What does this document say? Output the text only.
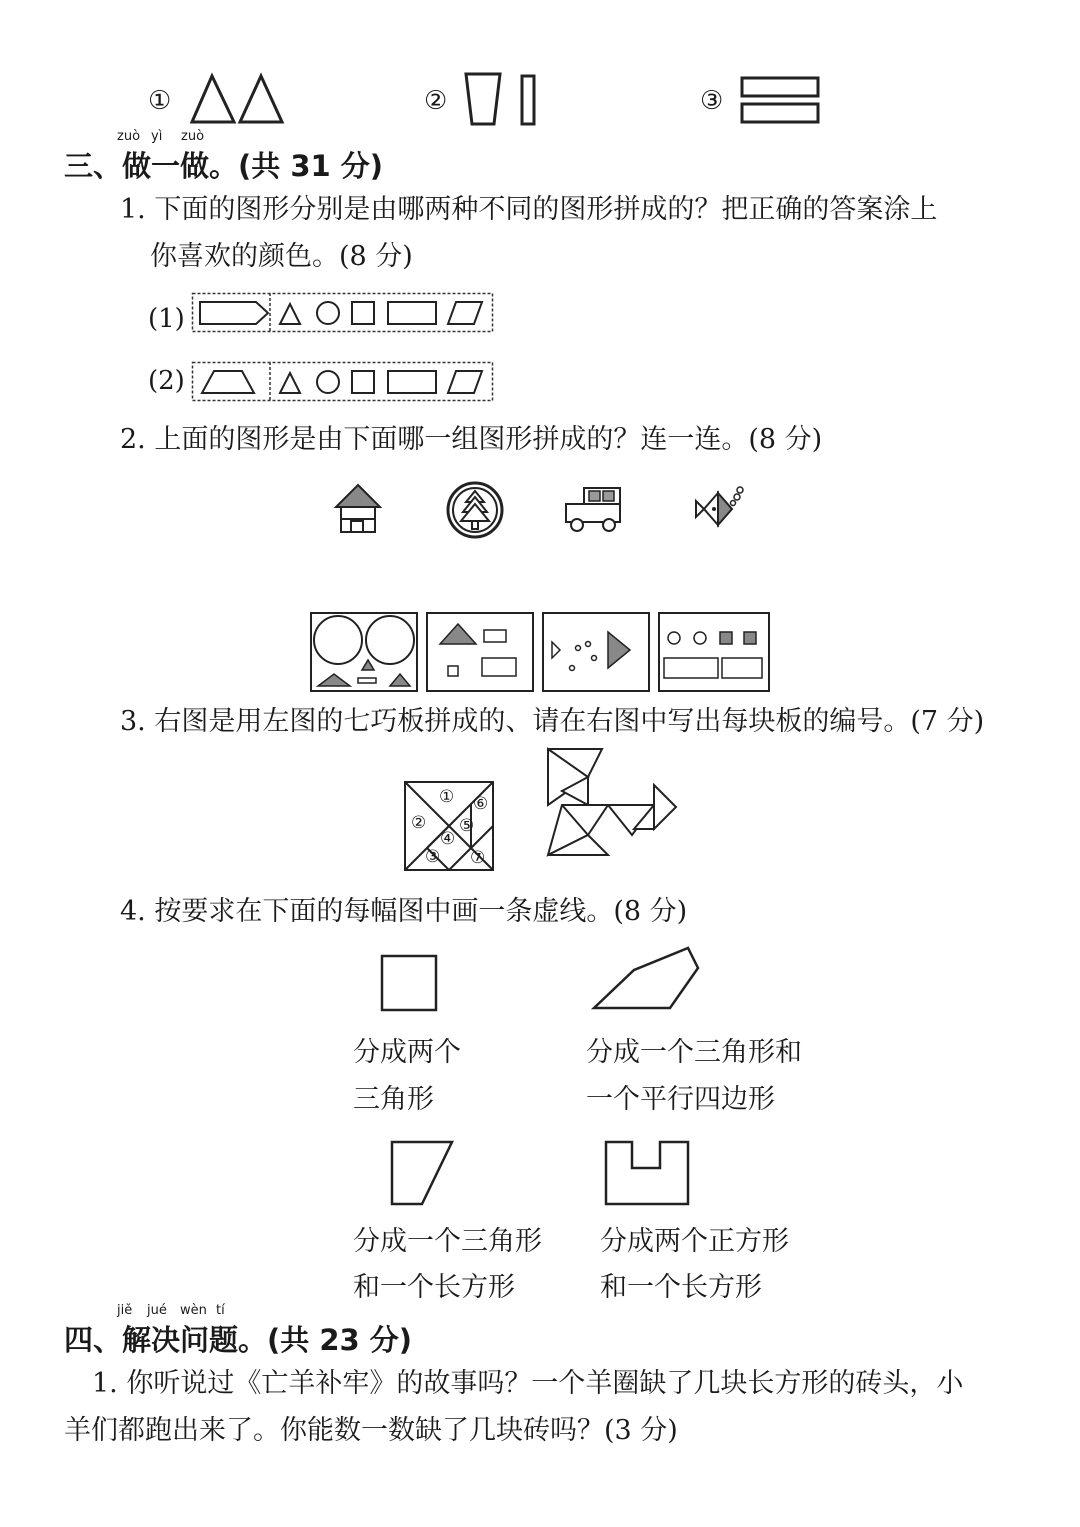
①	②	③
zuò yì zuò
三、做一做。(共 31 分)
1. 下面的图形分别是由哪两种不同的图形拼成的？把正确的答案涂上
你喜欢的颜色。(8 分)
(1)
(2)
2. 上面的图形是由下面哪一组图形拼成的？连一连。(8 分)
3. 右图是用左图的七巧板拼成的、请在右图中写出每块板的编号。(7 分)
①
②
③
④
⑤
⑥
⑦
4. 按要求在下面的每幅图中画一条虚线。(8 分)
分成两个
三角形
分成一个三角形和
一个平行四边形
分成一个三角形
和一个长方形
分成两个正方形
和一个长方形
jiě jué wèn tí
四、解决问题。(共 23 分)
1. 你听说过《亡羊补牢》的故事吗？一个羊圈缺了几块长方形的砖头，小
羊们都跑出来了。你能数一数缺了几块砖吗？(3 分)
